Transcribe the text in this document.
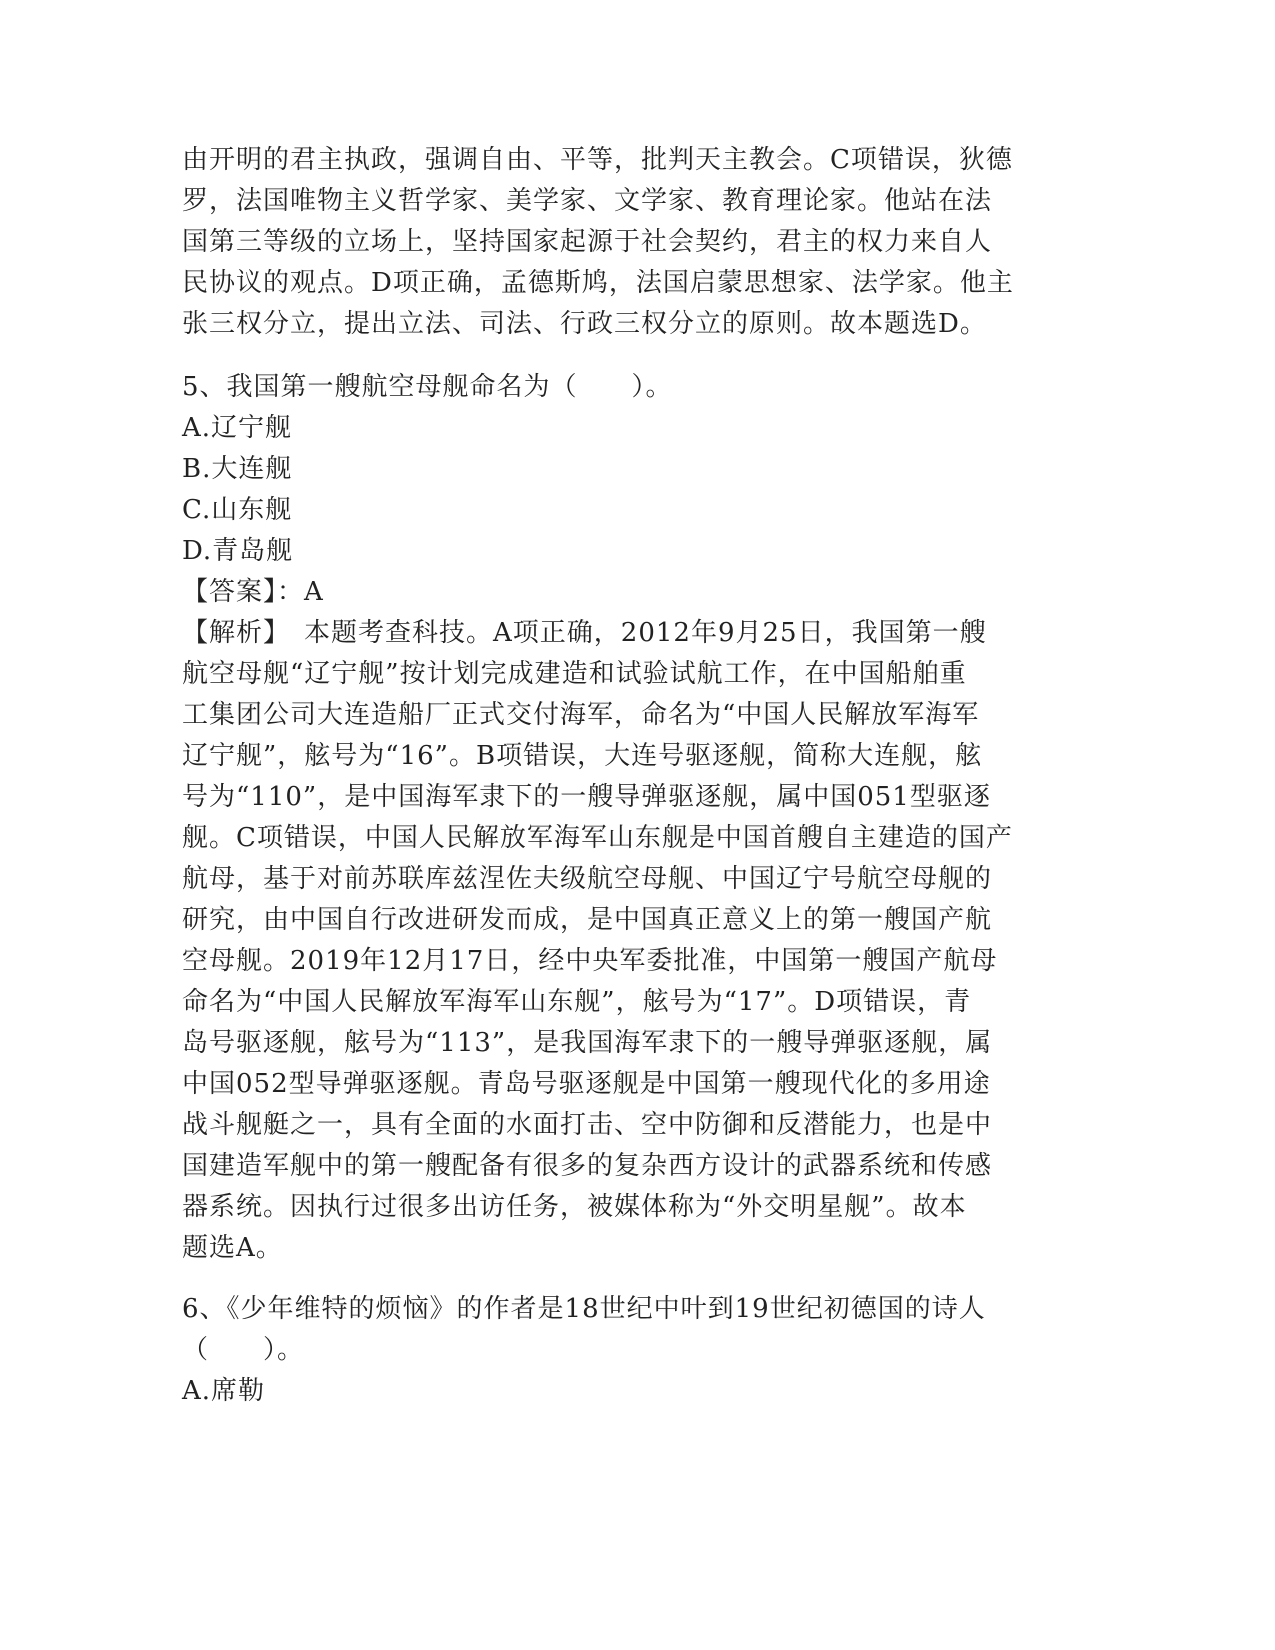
由开明的君主执政，强调自由、平等，批判天主教会。C项错误，狄德
罗，法国唯物主义哲学家、美学家、文学家、教育理论家。他站在法
国第三等级的立场上，坚持国家起源于社会契约，君主的权力来自人
民协议的观点。D项正确，孟德斯鸠，法国启蒙思想家、法学家。他主
张三权分立，提出立法、司法、行政三权分立的原则。故本题选D。
5、我国第一艘航空母舰命名为（　　）。
A.辽宁舰
B.大连舰
C.山东舰
D.青岛舰
【答案】：A
【解析】　本题考查科技。A项正确，2012年9月25日，我国第一艘
航空母舰“辽宁舰”按计划完成建造和试验试航工作，在中国船舶重
工集团公司大连造船厂正式交付海军，命名为“中国人民解放军海军
辽宁舰”，舷号为“16”。B项错误，大连号驱逐舰，简称大连舰，舷
号为“110”，是中国海军隶下的一艘导弹驱逐舰，属中国051型驱逐
舰。C项错误，中国人民解放军海军山东舰是中国首艘自主建造的国产
航母，基于对前苏联库兹涅佐夫级航空母舰、中国辽宁号航空母舰的
研究，由中国自行改进研发而成，是中国真正意义上的第一艘国产航
空母舰。2019年12月17日，经中央军委批准，中国第一艘国产航母
命名为“中国人民解放军海军山东舰”，舷号为“17”。D项错误，青
岛号驱逐舰，舷号为“113”，是我国海军隶下的一艘导弹驱逐舰，属
中国052型导弹驱逐舰。青岛号驱逐舰是中国第一艘现代化的多用途
战斗舰艇之一，具有全面的水面打击、空中防御和反潜能力，也是中
国建造军舰中的第一艘配备有很多的复杂西方设计的武器系统和传感
器系统。因执行过很多出访任务，被媒体称为“外交明星舰”。故本
题选A。
6、《少年维特的烦恼》的作者是18世纪中叶到19世纪初德国的诗人
（　　）。
A.席勒
